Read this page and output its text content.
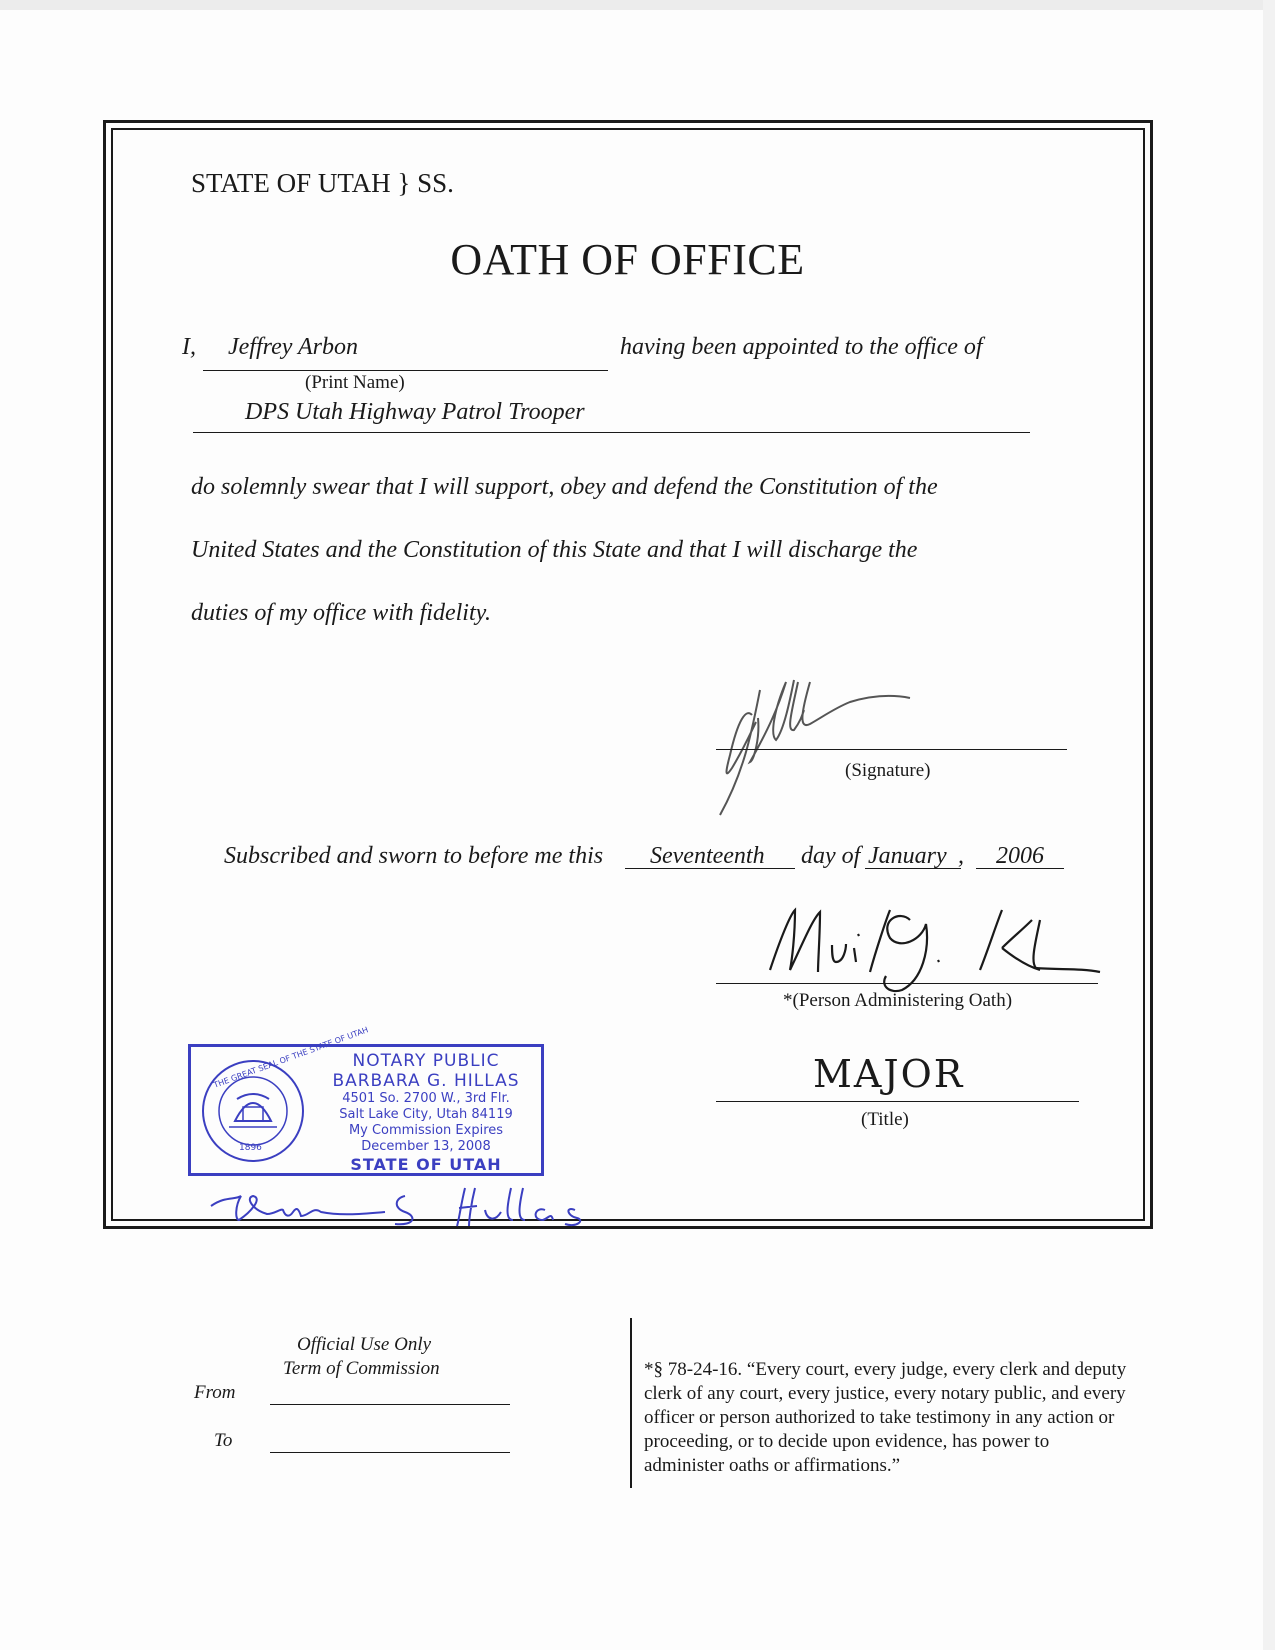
STATE OF UTAH } SS.
OATH OF OFFICE
I, Jeffrey Arbon	having been appointed to the office of
(Print Name)
DPS Utah Highway Patrol Trooper
do solemnly swear that I will support, obey and defend the Constitution of the
United States and the Constitution of this State and that I will discharge the
duties of my office with fidelity.
(Signature)
Subscribed and sworn to before me this Seventeenth day of January , 2006
*(Person Administering Oath)
MAJOR
(Title)
THE GREAT SEAL OF THE STATE OF UTAH
1896
NOTARY PUBLIC
BARBARA G. HILLAS
4501 So. 2700 W., 3rd Flr.
Salt Lake City, Utah 84119
My Commission Expires
December 13, 2008
STATE OF UTAH
Official Use Only
Term of Commission
From
To
*§ 78-24-16. “Every court, every judge, every clerk and deputy clerk of any court, every justice, every notary public, and every officer or person authorized to take testimony in any action or proceeding, or to decide upon evidence, has power to administer oaths or affirmations.”
